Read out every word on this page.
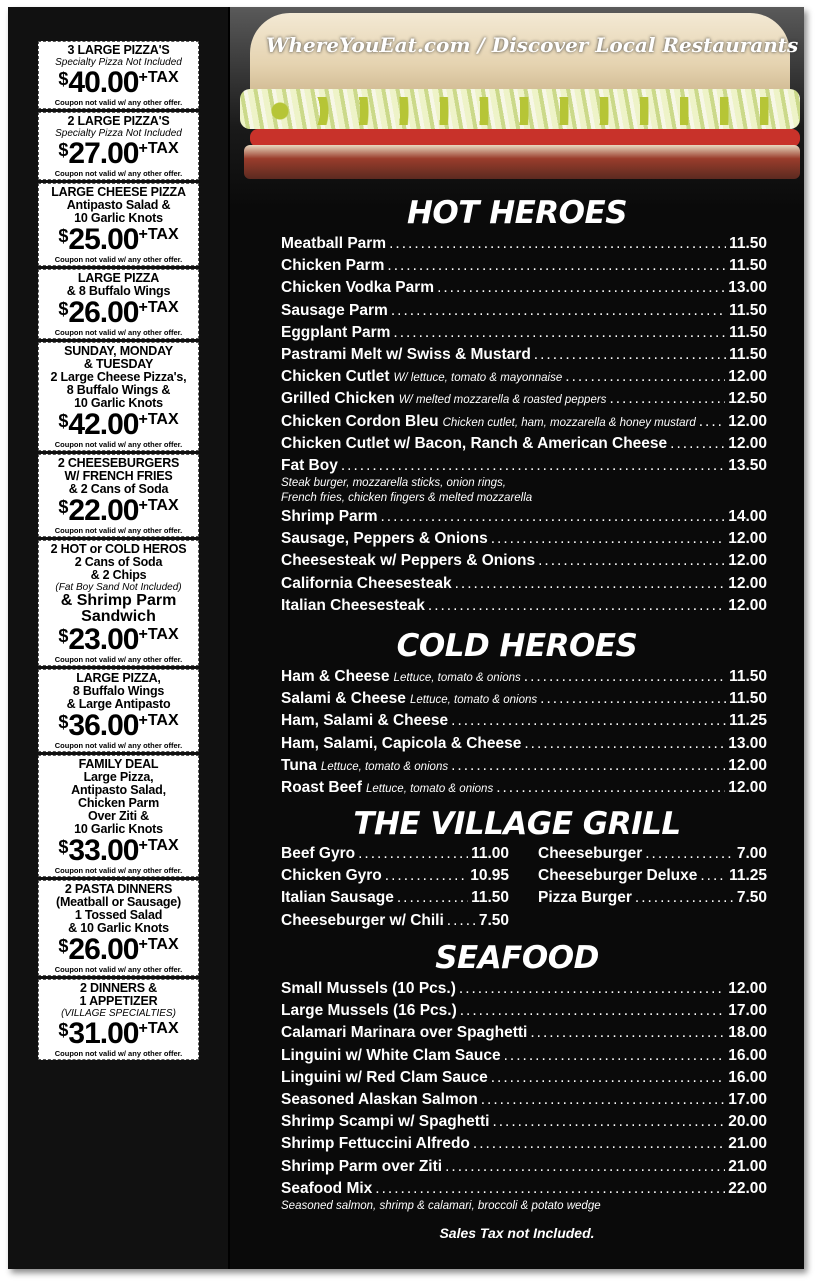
3 LARGE PIZZA'S
Specialty Pizza Not Included
$40.00+TAX
Coupon not valid w/ any other offer.
2 LARGE PIZZA'S
Specialty Pizza Not Included
$27.00+TAX
Coupon not valid w/ any other offer.
LARGE CHEESE PIZZA
Antipasto Salad &
10 Garlic Knots
$25.00+TAX
Coupon not valid w/ any other offer.
LARGE PIZZA
& 8 Buffalo Wings
$26.00+TAX
Coupon not valid w/ any other offer.
SUNDAY, MONDAY
& TUESDAY
2 Large Cheese Pizza's,
8 Buffalo Wings &
10 Garlic Knots
$42.00+TAX
Coupon not valid w/ any other offer.
2 CHEESEBURGERS
W/ FRENCH FRIES
& 2 Cans of Soda
$22.00+TAX
Coupon not valid w/ any other offer.
2 HOT or COLD HEROS
2 Cans of Soda
& 2 Chips
(Fat Boy Sand Not Included)
& Shrimp Parm
Sandwich
$23.00+TAX
Coupon not valid w/ any other offer.
LARGE PIZZA,
8 Buffalo Wings
& Large Antipasto
$36.00+TAX
Coupon not valid w/ any other offer.
FAMILY DEAL
Large Pizza,
Antipasto Salad,
Chicken Parm
Over Ziti &
10 Garlic Knots
$33.00+TAX
Coupon not valid w/ any other offer.
2 PASTA DINNERS
(Meatball or Sausage)
1 Tossed Salad
& 10 Garlic Knots
$26.00+TAX
Coupon not valid w/ any other offer.
2 DINNERS &
1 APPETIZER
(VILLAGE SPECIALTIES)
$31.00+TAX
Coupon not valid w/ any other offer.
WhereYouEat.com / Discover Local Restaurants
HOT HEROES
Meatball Parm .....	11.50
Chicken Parm .....	11.50
Chicken Vodka Parm .....	13.00
Sausage Parm .....	11.50
Eggplant Parm .....	11.50
Pastrami Melt w/ Swiss & Mustard .....	11.50
Chicken Cutlet W/ lettuce, tomato & mayonnaise .....	12.00
Grilled Chicken W/ melted mozzarella & roasted peppers .....	12.50
Chicken Cordon Bleu Chicken cutlet, ham, mozzarella & honey mustard ..... 12.00
Chicken Cutlet w/ Bacon, Ranch & American Cheese .....	12.00
Fat Boy .....	13.50
Steak burger, mozzarella sticks, onion rings,
French fries, chicken fingers & melted mozzarella
Shrimp Parm .....	14.00
Sausage, Peppers & Onions .....	12.00
Cheesesteak w/ Peppers & Onions .....	12.00
California Cheesesteak .....	12.00
Italian Cheesesteak .....	12.00
COLD HEROES
Ham & Cheese Lettuce, tomato & onions .....	11.50
Salami & Cheese Lettuce, tomato & onions .....	11.50
Ham, Salami & Cheese .....	11.25
Ham, Salami, Capicola & Cheese .....	13.00
Tuna Lettuce, tomato & onions .....	12.00
Roast Beef Lettuce, tomato & onions .....	12.00
THE VILLAGE GRILL
Beef Gyro .....	11.00
Chicken Gyro .....	10.95
Italian Sausage .....	11.50
Cheeseburger w/ Chili ..... 7.50
Cheeseburger .....	7.00
Cheeseburger Deluxe ..... 11.25
Pizza Burger .....	7.50
SEAFOOD
Small Mussels (10 Pcs.) .....	12.00
Large Mussels (16 Pcs.) .....	17.00
Calamari Marinara over Spaghetti .....	18.00
Linguini w/ White Clam Sauce .....	16.00
Linguini w/ Red Clam Sauce .....	16.00
Seasoned Alaskan Salmon .....	17.00
Shrimp Scampi w/ Spaghetti .....	20.00
Shrimp Fettuccini Alfredo .....	21.00
Shrimp Parm over Ziti .....	21.00
Seafood Mix .....	22.00
Seasoned salmon, shrimp & calamari, broccoli & potato wedge
Sales Tax not Included.
